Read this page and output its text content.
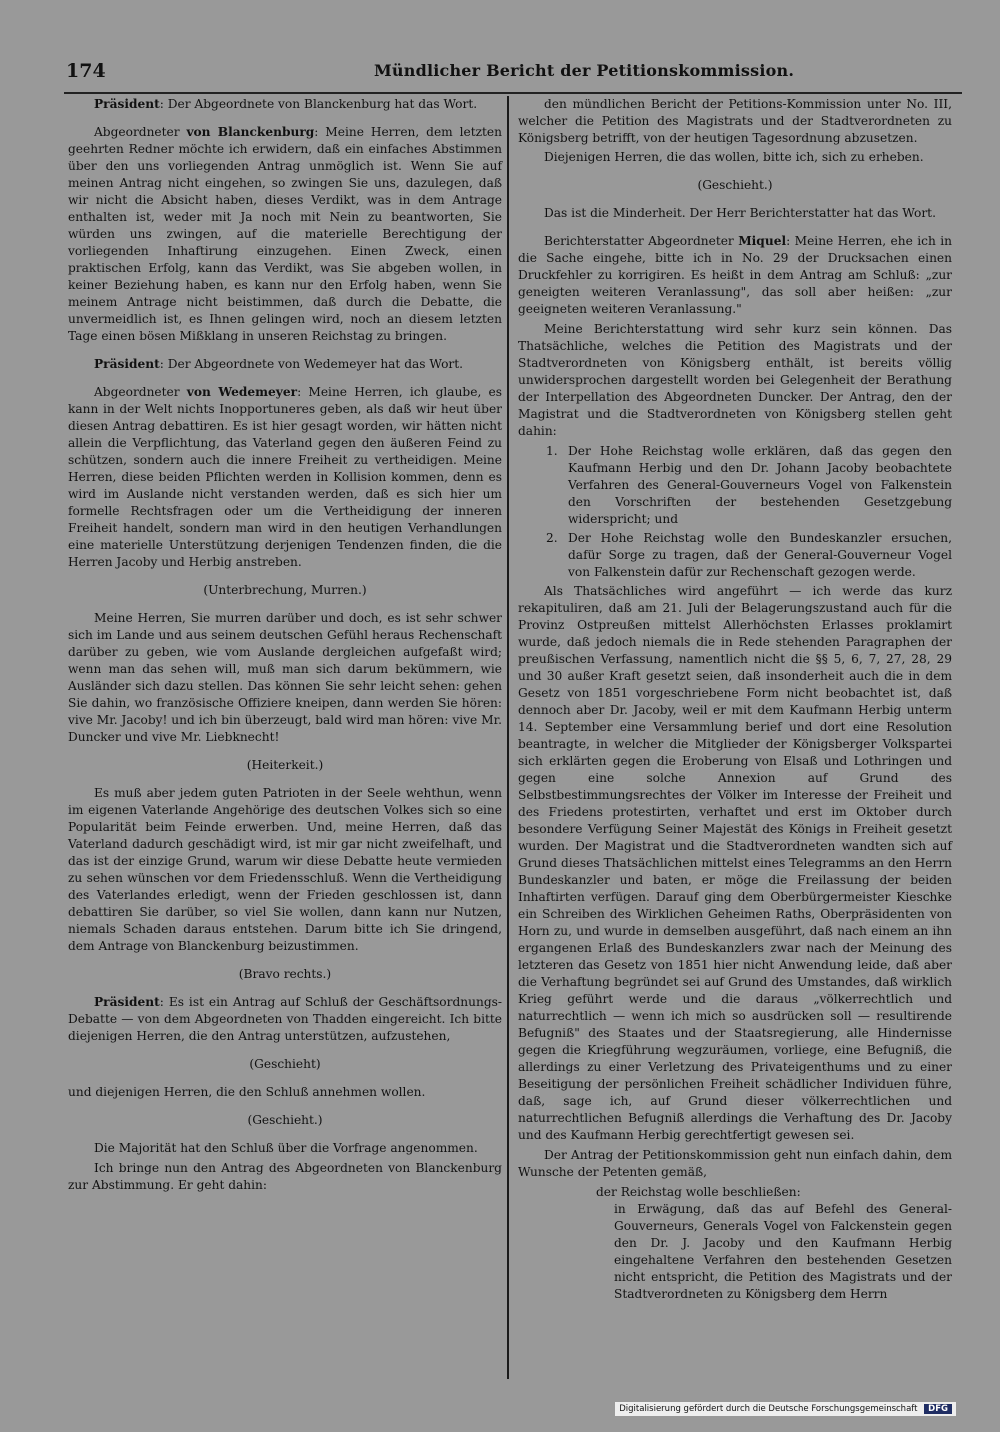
174	Mündlicher Bericht der Petitionskommission.

Präsident: Der Abgeordnete von Blanckenburg hat das Wort.

Abgeordneter von Blanckenburg: Meine Herren, dem letzten geehrten Redner möchte ich erwidern, daß ein einfaches Abstimmen über den uns vorliegenden Antrag unmöglich ist. Wenn Sie auf meinen Antrag nicht eingehen, so zwingen Sie uns, dazulegen, daß wir nicht die Absicht haben, dieses Verdikt, was in dem Antrage enthalten ist, weder mit Ja noch mit Nein zu beantworten, Sie würden uns zwingen, auf die materielle Berechtigung der vorliegenden Inhaftirung einzugehen. Einen Zweck, einen praktischen Erfolg, kann das Verdikt, was Sie abgeben wollen, in keiner Beziehung haben, es kann nur den Erfolg haben, wenn Sie meinem Antrage nicht beistimmen, daß durch die Debatte, die unvermeidlich ist, es Ihnen gelingen wird, noch an diesem letzten Tage einen bösen Mißklang in unseren Reichstag zu bringen.

Präsident: Der Abgeordnete von Wedemeyer hat das Wort.

Abgeordneter von Wedemeyer: Meine Herren, ich glaube, es kann in der Welt nichts Inopportuneres geben, als daß wir heut über diesen Antrag debattiren. Es ist hier gesagt worden, wir hätten nicht allein die Verpflichtung, das Vaterland gegen den äußeren Feind zu schützen, sondern auch die innere Freiheit zu vertheidigen. Meine Herren, diese beiden Pflichten werden in Kollision kommen, denn es wird im Auslande nicht verstanden werden, daß es sich hier um formelle Rechtsfragen oder um die Vertheidigung der inneren Freiheit handelt, sondern man wird in den heutigen Verhandlungen eine materielle Unterstützung derjenigen Tendenzen finden, die die Herren Jacoby und Herbig anstreben.

(Unterbrechung, Murren.)

Meine Herren, Sie murren darüber und doch, es ist sehr schwer sich im Lande und aus seinem deutschen Gefühl heraus Rechenschaft darüber zu geben, wie vom Auslande dergleichen aufgefaßt wird; wenn man das sehen will, muß man sich darum bekümmern, wie Ausländer sich dazu stellen. Das können Sie sehr leicht sehen: gehen Sie dahin, wo französische Offiziere kneipen, dann werden Sie hören: vive Mr. Jacoby! und ich bin überzeugt, bald wird man hören: vive Mr. Duncker und vive Mr. Liebknecht!

(Heiterkeit.)

Es muß aber jedem guten Patrioten in der Seele wehthun, wenn im eigenen Vaterlande Angehörige des deutschen Volkes sich so eine Popularität beim Feinde erwerben. Und, meine Herren, daß das Vaterland dadurch geschädigt wird, ist mir gar nicht zweifelhaft, und das ist der einzige Grund, warum wir diese Debatte heute vermieden zu sehen wünschen vor dem Friedensschluß. Wenn die Vertheidigung des Vaterlandes erledigt, wenn der Frieden geschlossen ist, dann debattiren Sie darüber, so viel Sie wollen, dann kann nur Nutzen, niemals Schaden daraus entstehen. Darum bitte ich Sie dringend, dem Antrage von Blanckenburg beizustimmen.

(Bravo rechts.)

Präsident: Es ist ein Antrag auf Schluß der Geschäftsordnungs-Debatte — von dem Abgeordneten von Thadden eingereicht. Ich bitte diejenigen Herren, die den Antrag unterstützen, aufzustehen,

(Geschieht)

und diejenigen Herren, die den Schluß annehmen wollen.

(Geschieht.)

Die Majorität hat den Schluß über die Vorfrage angenommen.

Ich bringe nun den Antrag des Abgeordneten von Blanckenburg zur Abstimmung. Er geht dahin:

den mündlichen Bericht der Petitions-Kommission unter No. III, welcher die Petition des Magistrats und der Stadtverordneten zu Königsberg betrifft, von der heutigen Tagesordnung abzusetzen.

Diejenigen Herren, die das wollen, bitte ich, sich zu erheben.

(Geschieht.)

Das ist die Minderheit. Der Herr Berichterstatter hat das Wort.

Berichterstatter Abgeordneter Miquel: Meine Herren, ehe ich in die Sache eingehe, bitte ich in No. 29 der Drucksachen einen Druckfehler zu korrigiren. Es heißt in dem Antrag am Schluß: „zur geneigten weiteren Veranlassung", das soll aber heißen: „zur geeigneten weiteren Veranlassung."

Meine Berichterstattung wird sehr kurz sein können. Das Thatsächliche, welches die Petition des Magistrats und der Stadtverordneten von Königsberg enthält, ist bereits völlig unwidersprochen dargestellt worden bei Gelegenheit der Berathung der Interpellation des Abgeordneten Duncker. Der Antrag, den der Magistrat und die Stadtverordneten von Königsberg stellen geht dahin:

1. Der Hohe Reichstag wolle erklären, daß das gegen den Kaufmann Herbig und den Dr. Johann Jacoby beobachtete Verfahren des General-Gouverneurs Vogel von Falkenstein den Vorschriften der bestehenden Gesetzgebung widerspricht; und

2. Der Hohe Reichstag wolle den Bundeskanzler ersuchen, dafür Sorge zu tragen, daß der General-Gouverneur Vogel von Falkenstein dafür zur Rechenschaft gezogen werde.

Als Thatsächliches wird angeführt — ich werde das kurz rekapituliren, daß am 21. Juli der Belagerungszustand auch für die Provinz Ostpreußen mittelst Allerhöchsten Erlasses proklamirt wurde, daß jedoch niemals die in Rede stehenden Paragraphen der preußischen Verfassung, namentlich nicht die §§ 5, 6, 7, 27, 28, 29 und 30 außer Kraft gesetzt seien, daß insonderheit auch die in dem Gesetz von 1851 vorgeschriebene Form nicht beobachtet ist, daß dennoch aber Dr. Jacoby, weil er mit dem Kaufmann Herbig unterm 14. September eine Versammlung berief und dort eine Resolution beantragte, in welcher die Mitglieder der Königsberger Volkspartei sich erklärten gegen die Eroberung von Elsaß und Lothringen und gegen eine solche Annexion auf Grund des Selbstbestimmungsrechtes der Völker im Interesse der Freiheit und des Friedens protestirten, verhaftet und erst im Oktober durch besondere Verfügung Seiner Majestät des Königs in Freiheit gesetzt wurden. Der Magistrat und die Stadtverordneten wandten sich auf Grund dieses Thatsächlichen mittelst eines Telegramms an den Herrn Bundeskanzler und baten, er möge die Freilassung der beiden Inhaftirten verfügen. Darauf ging dem Oberbürgermeister Kieschke ein Schreiben des Wirklichen Geheimen Raths, Oberpräsidenten von Horn zu, und wurde in demselben ausgeführt, daß nach einem an ihn ergangenen Erlaß des Bundeskanzlers zwar nach der Meinung des letzteren das Gesetz von 1851 hier nicht Anwendung leide, daß aber die Verhaftung begründet sei auf Grund des Umstandes, daß wirklich Krieg geführt werde und die daraus „völkerrechtlich und naturrechtlich — wenn ich mich so ausdrücken soll — resultirende Befugniß" des Staates und der Staatsregierung, alle Hindernisse gegen die Kriegführung wegzuräumen, vorliege, eine Befugniß, die allerdings zu einer Verletzung des Privateigenthums und zu einer Beseitigung der persönlichen Freiheit schädlicher Individuen führe, daß, sage ich, auf Grund dieser völkerrechtlichen und naturrechtlichen Befugniß allerdings die Verhaftung des Dr. Jacoby und des Kaufmann Herbig gerechtfertigt gewesen sei.

Der Antrag der Petitionskommission geht nun einfach dahin, dem Wunsche der Petenten gemäß,

der Reichstag wolle beschließen:

in Erwägung, daß das auf Befehl des General-Gouverneurs, Generals Vogel von Falckenstein gegen den Dr. J. Jacoby und den Kaufmann Herbig eingehaltene Verfahren den bestehenden Gesetzen nicht entspricht, die Petition des Magistrats und der Stadtverordneten zu Königsberg dem Herrn

Digitalisierung gefördert durch die Deutsche Forschungsgemeinschaft DFG
